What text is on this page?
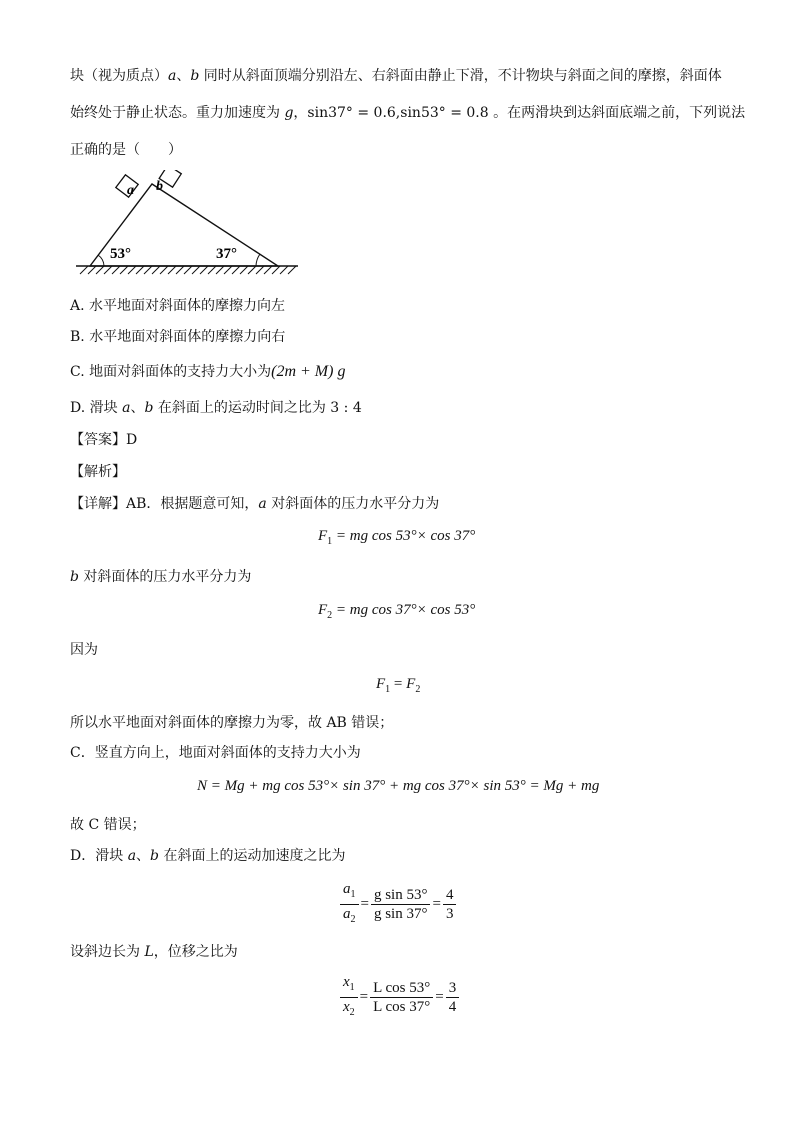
块（视为质点）a、b 同时从斜面顶端分别沿左、右斜面由静止下滑，不计物块与斜面之间的摩擦，斜面体
始终处于静止状态。重力加速度为 g，sin37° = 0.6,sin53° = 0.8 。在两滑块到达斜面底端之前，下列说法
正确的是（　　）
a b
53°	37°
A. 水平地面对斜面体的摩擦力向左
B. 水平地面对斜面体的摩擦力向右
C. 地面对斜面体的支持力大小为(2m + M) g
D. 滑块 a、b 在斜面上的运动时间之比为 3 : 4
【答案】D
【解析】
【详解】AB．根据题意可知，a 对斜面体的压力水平分力为
$F_1$ = mg cos 53°× cos 37°
b 对斜面体的压力水平分力为
$F_2$ = mg cos 37°× cos 53°
因为
$F_1 = F_2$
所以水平地面对斜面体的摩擦力为零，故 AB 错误；
C．竖直方向上，地面对斜面体的支持力大小为
N = Mg + mg cos 53°× sin 37° + mg cos 37°× sin 53° = Mg + mg
故 C 错误；
D．滑块 a、b 在斜面上的运动加速度之比为
$\frac{a_1}{a_2} = \frac{\text{g sin 53°}}{\text{g sin 37°}} = \frac{4}{3}$
设斜边长为 L，位移之比为
$\frac{x_1}{x_2} = \frac{\text{L cos 53°}}{\text{L cos 37°}} = \frac{3}{4}$
